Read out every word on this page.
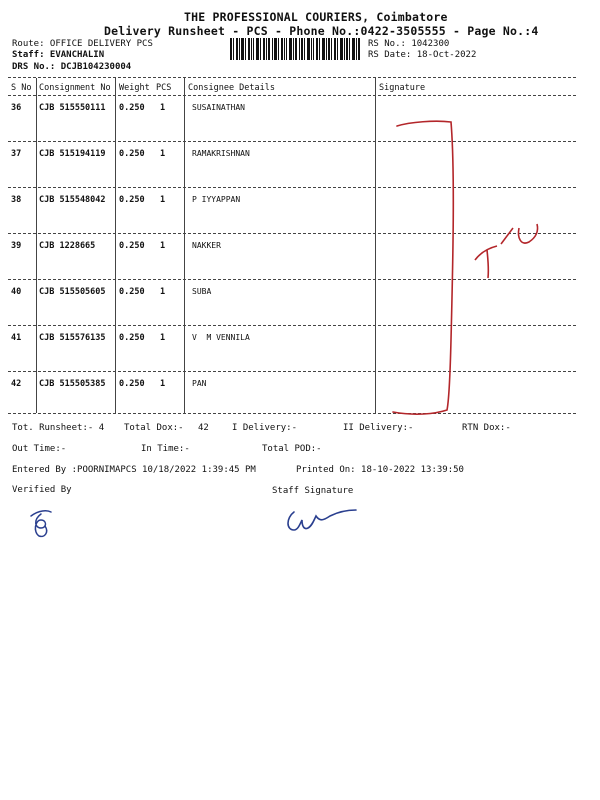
THE PROFESSIONAL COURIERS, Coimbatore
Delivery Runsheet - PCS - Phone No.:0422-3505555 - Page No.:4
Route: OFFICE DELIVERY PCS
Staff: EVANCHALIN
DRS No.: DCJB104230004
RS No.: 1042300
RS Date: 18-Oct-2022
S No Consignment No Weight PCS Consignee Details	Signature
36 CJB 515550111 0.250 1	SUSAINATHAN
37 CJB 515194119 0.250 1	RAMAKRISHNAN
38 CJB 515548042 0.250 1	P IYYAPPAN
39 CJB 1228665	0.250 1	NAKKER
40 CJB 515505605 0.250 1	SUBA
41 CJB 515576135 0.250 1	V  M VENNILA
42 CJB 515505385 0.250 1	PAN
Tot. Runsheet:- 4 Total Dox:- 42	I Delivery:-	II Delivery:-	RTN Dox:-
Out Time:-	In Time:-	Total POD:-
Entered By :POORNIMAPCS 10/18/2022 1:39:45 PM	Printed On: 18-10-2022 13:39:50
Verified By	Staff Signature
